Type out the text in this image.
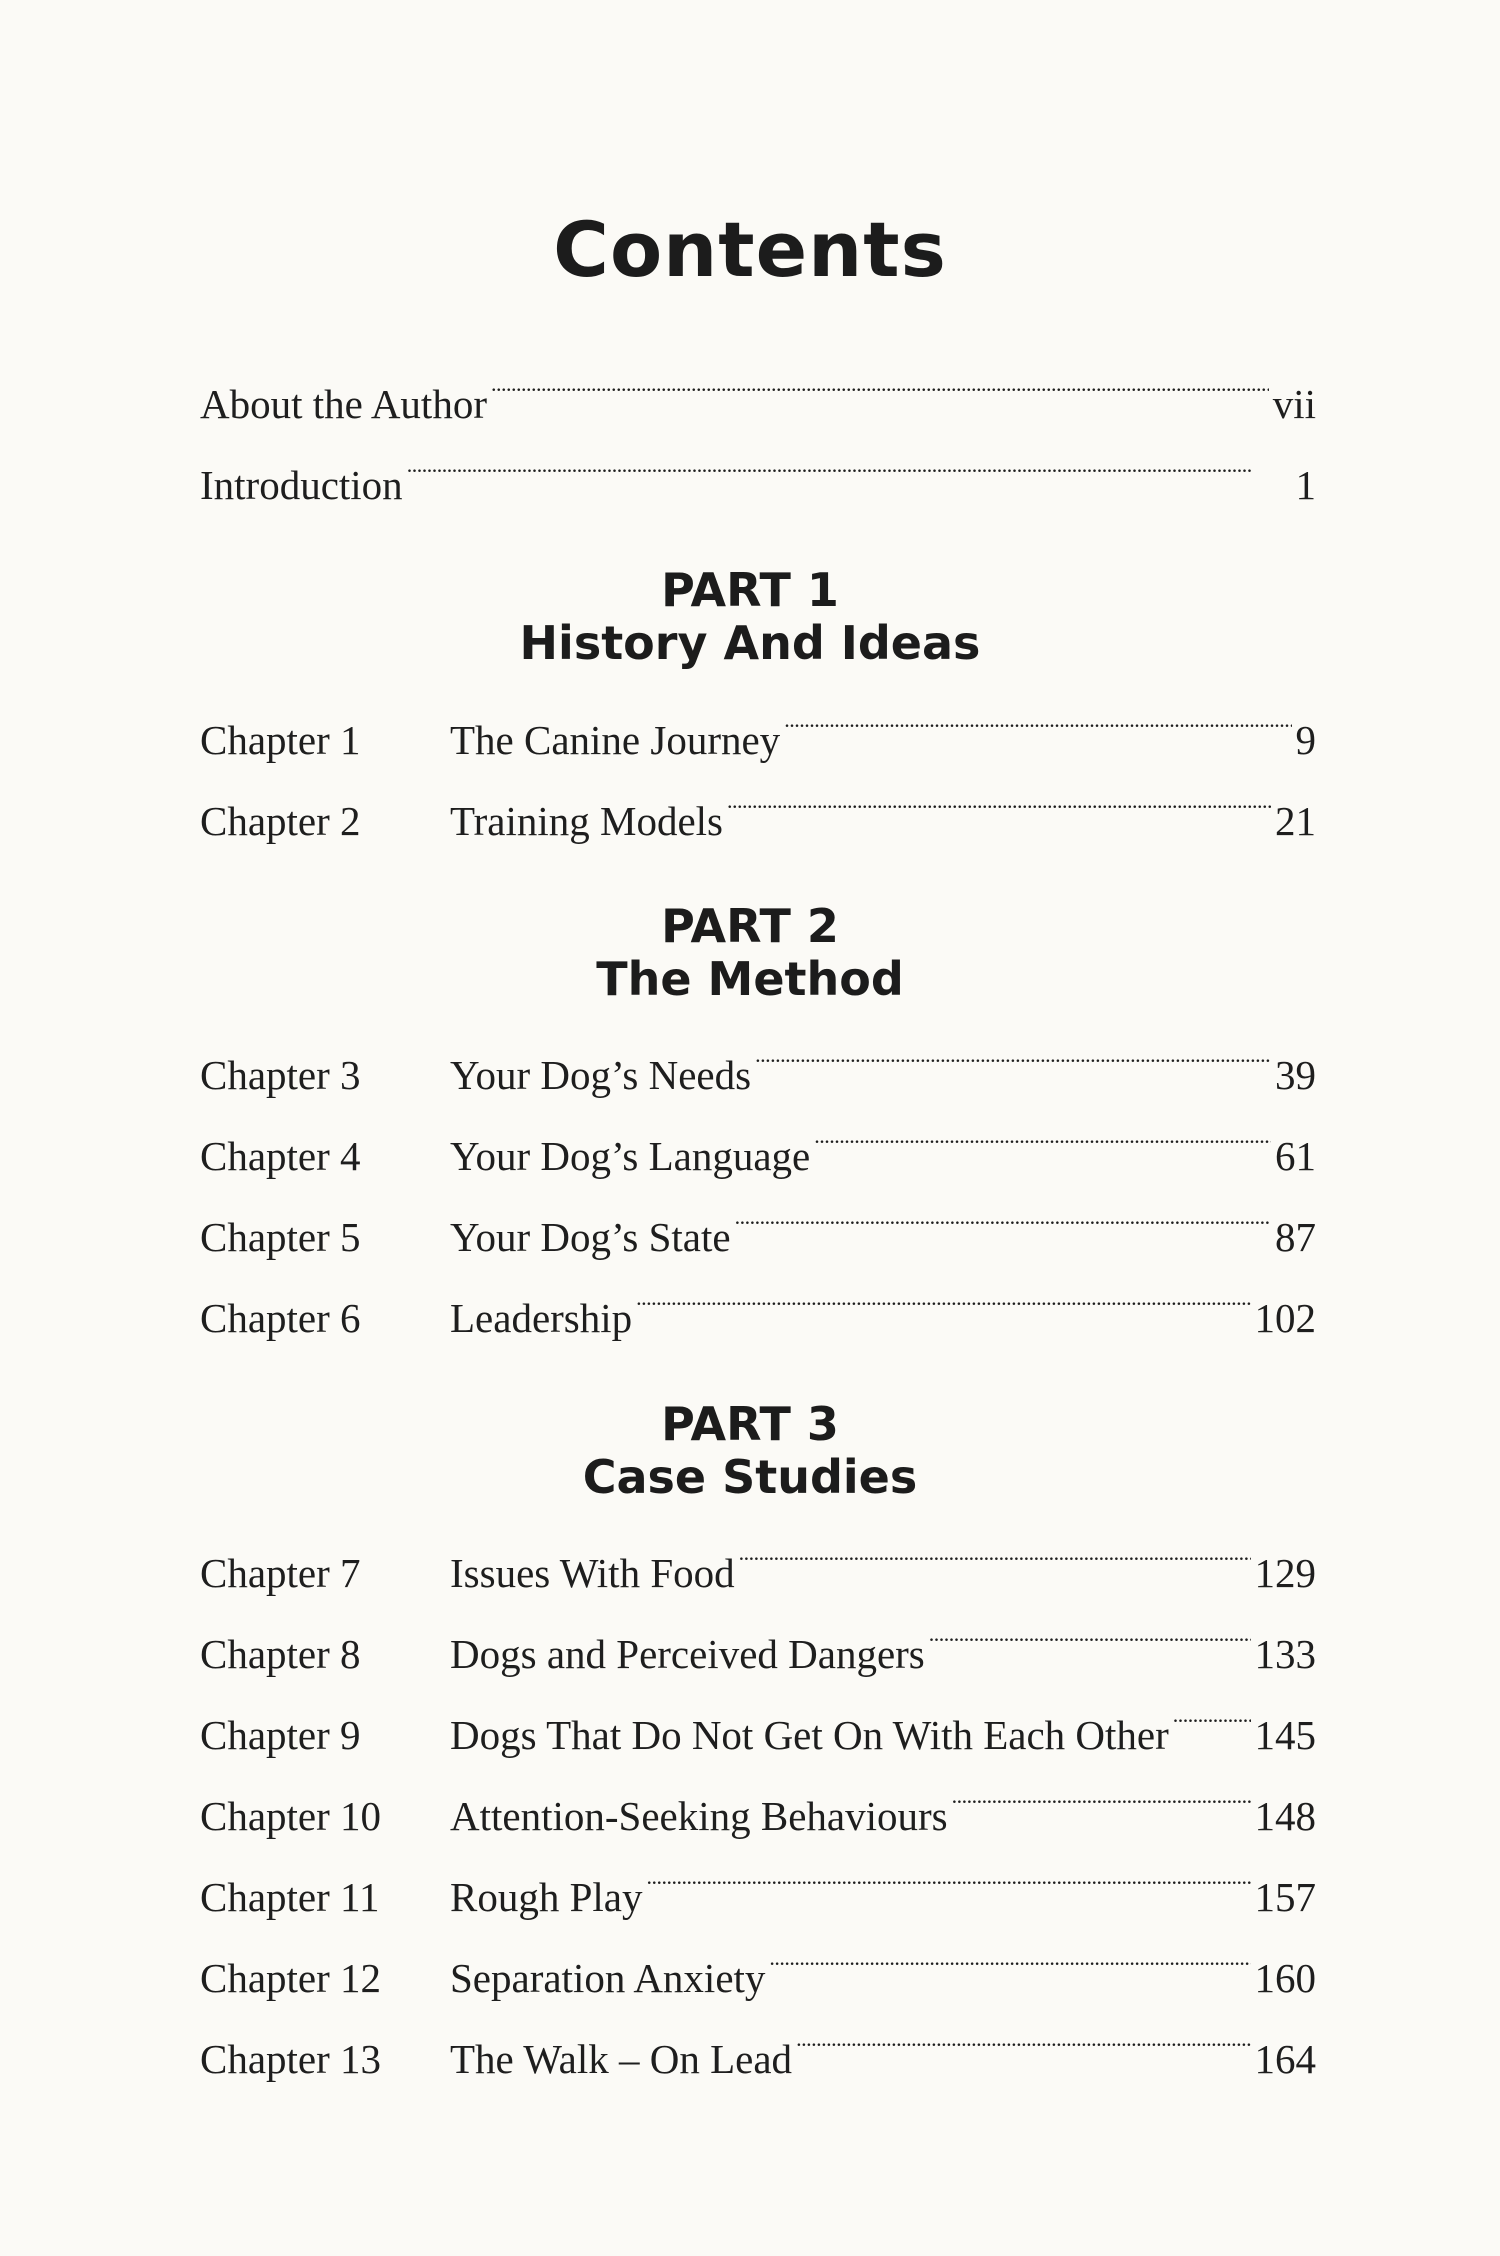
Contents
About the Author . . .	vii
Introduction . . .	1
PART 1
History And Ideas
Chapter 1	The Canine Journey . . .	9
Chapter 2	Training Models . . .	21
PART 2
The Method
Chapter 3	Your Dog’s Needs . . .	39
Chapter 4	Your Dog’s Language . . .	61
Chapter 5	Your Dog’s State . . .	87
Chapter 6	Leadership . . .	102
PART 3
Case Studies
Chapter 7	Issues With Food . . .	129
Chapter 8	Dogs and Perceived Dangers . . .	133
Chapter 9	Dogs That Do Not Get On With Each Other . . . 145
Chapter 10	Attention-Seeking Behaviours . . .	148
Chapter 11	Rough Play . . .	157
Chapter 12	Separation Anxiety . . .	160
Chapter 13	The Walk – On Lead . . .	164
